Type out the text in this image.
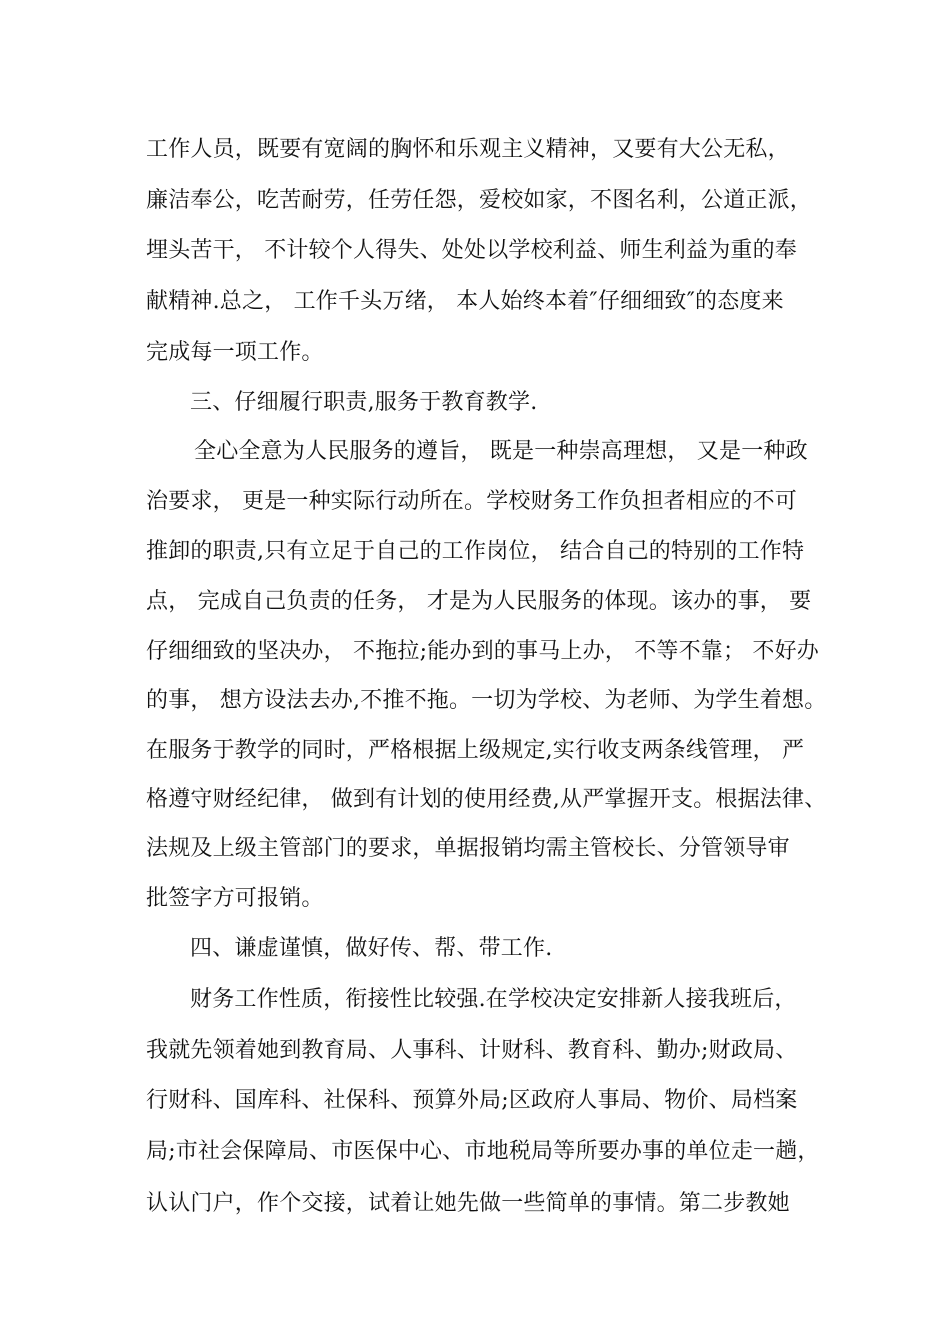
工作人员，既要有宽阔的胸怀和乐观主义精神，又要有大公无私，
廉洁奉公，吃苦耐劳，任劳任怨，爱校如家，不图名利，公道正派，
埋头苦干， 不计较个人得失、处处以学校利益、师生利益为重的奉
献精神.总之， 工作千头万绪， 本人始终本着″仔细细致″的态度来
完成每一项工作。
三、仔细履行职责,服务于教育教学.
全心全意为人民服务的遵旨， 既是一种崇高理想， 又是一种政
治要求， 更是一种实际行动所在。学校财务工作负担者相应的不可
推卸的职责,只有立足于自己的工作岗位， 结合自己的特别的工作特
点， 完成自己负责的任务， 才是为人民服务的体现。该办的事， 要
仔细细致的坚决办， 不拖拉;能办到的事马上办， 不等不靠； 不好办
的事， 想方设法去办,不推不拖。一切为学校、为老师、为学生着想。
在服务于教学的同时，严格根据上级规定,实行收支两条线管理， 严
格遵守财经纪律， 做到有计划的使用经费,从严掌握开支。根据法律、
法规及上级主管部门的要求，单据报销均需主管校长、分管领导审
批签字方可报销。
四、谦虚谨慎，做好传、帮、带工作.
财务工作性质，衔接性比较强.在学校决定安排新人接我班后，
我就先领着她到教育局、人事科、计财科、教育科、勤办;财政局、
行财科、国库科、社保科、预算外局;区政府人事局、物价、局档案
局;市社会保障局、市医保中心、市地税局等所要办事的单位走一趟，
认认门户，作个交接，试着让她先做一些简单的事情。第二步教她
